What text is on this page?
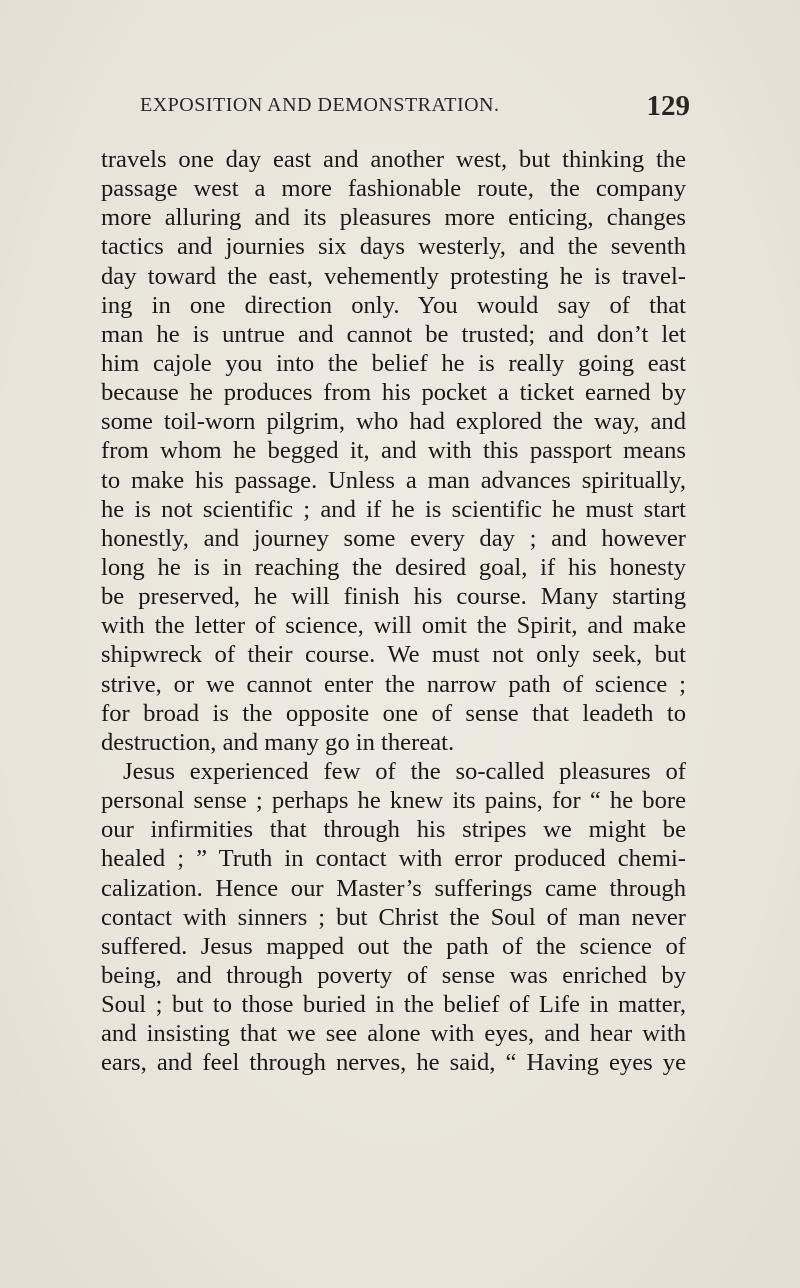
EXPOSITION AND DEMONSTRATION.	129
travels one day east and another west, but thinking the
passage west a more fashionable route, the company
more alluring and its pleasures more enticing, changes
tactics and journies six days westerly, and the seventh
day toward the east, vehemently protesting he is travel-
ing in one direction only. You would say of that
man he is untrue and cannot be trusted; and don’t let
him cajole you into the belief he is really going east
because he produces from his pocket a ticket earned by
some toil-worn pilgrim, who had explored the way, and
from whom he begged it, and with this passport means
to make his passage. Unless a man advances spiritually,
he is not scientific ; and if he is scientific he must start
honestly, and journey some every day ; and however
long he is in reaching the desired goal, if his honesty
be preserved, he will finish his course. Many starting
with the letter of science, will omit the Spirit, and make
shipwreck of their course. We must not only seek, but
strive, or we cannot enter the narrow path of science ;
for broad is the opposite one of sense that leadeth to
destruction, and many go in thereat.
Jesus experienced few of the so-called pleasures of
personal sense ; perhaps he knew its pains, for “ he bore
our infirmities that through his stripes we might be
healed ; ” Truth in contact with error produced chemi-
calization. Hence our Master’s sufferings came through
contact with sinners ; but Christ the Soul of man never
suffered. Jesus mapped out the path of the science of
being, and through poverty of sense was enriched by
Soul ; but to those buried in the belief of Life in matter,
and insisting that we see alone with eyes, and hear with
ears, and feel through nerves, he said, “ Having eyes ye
